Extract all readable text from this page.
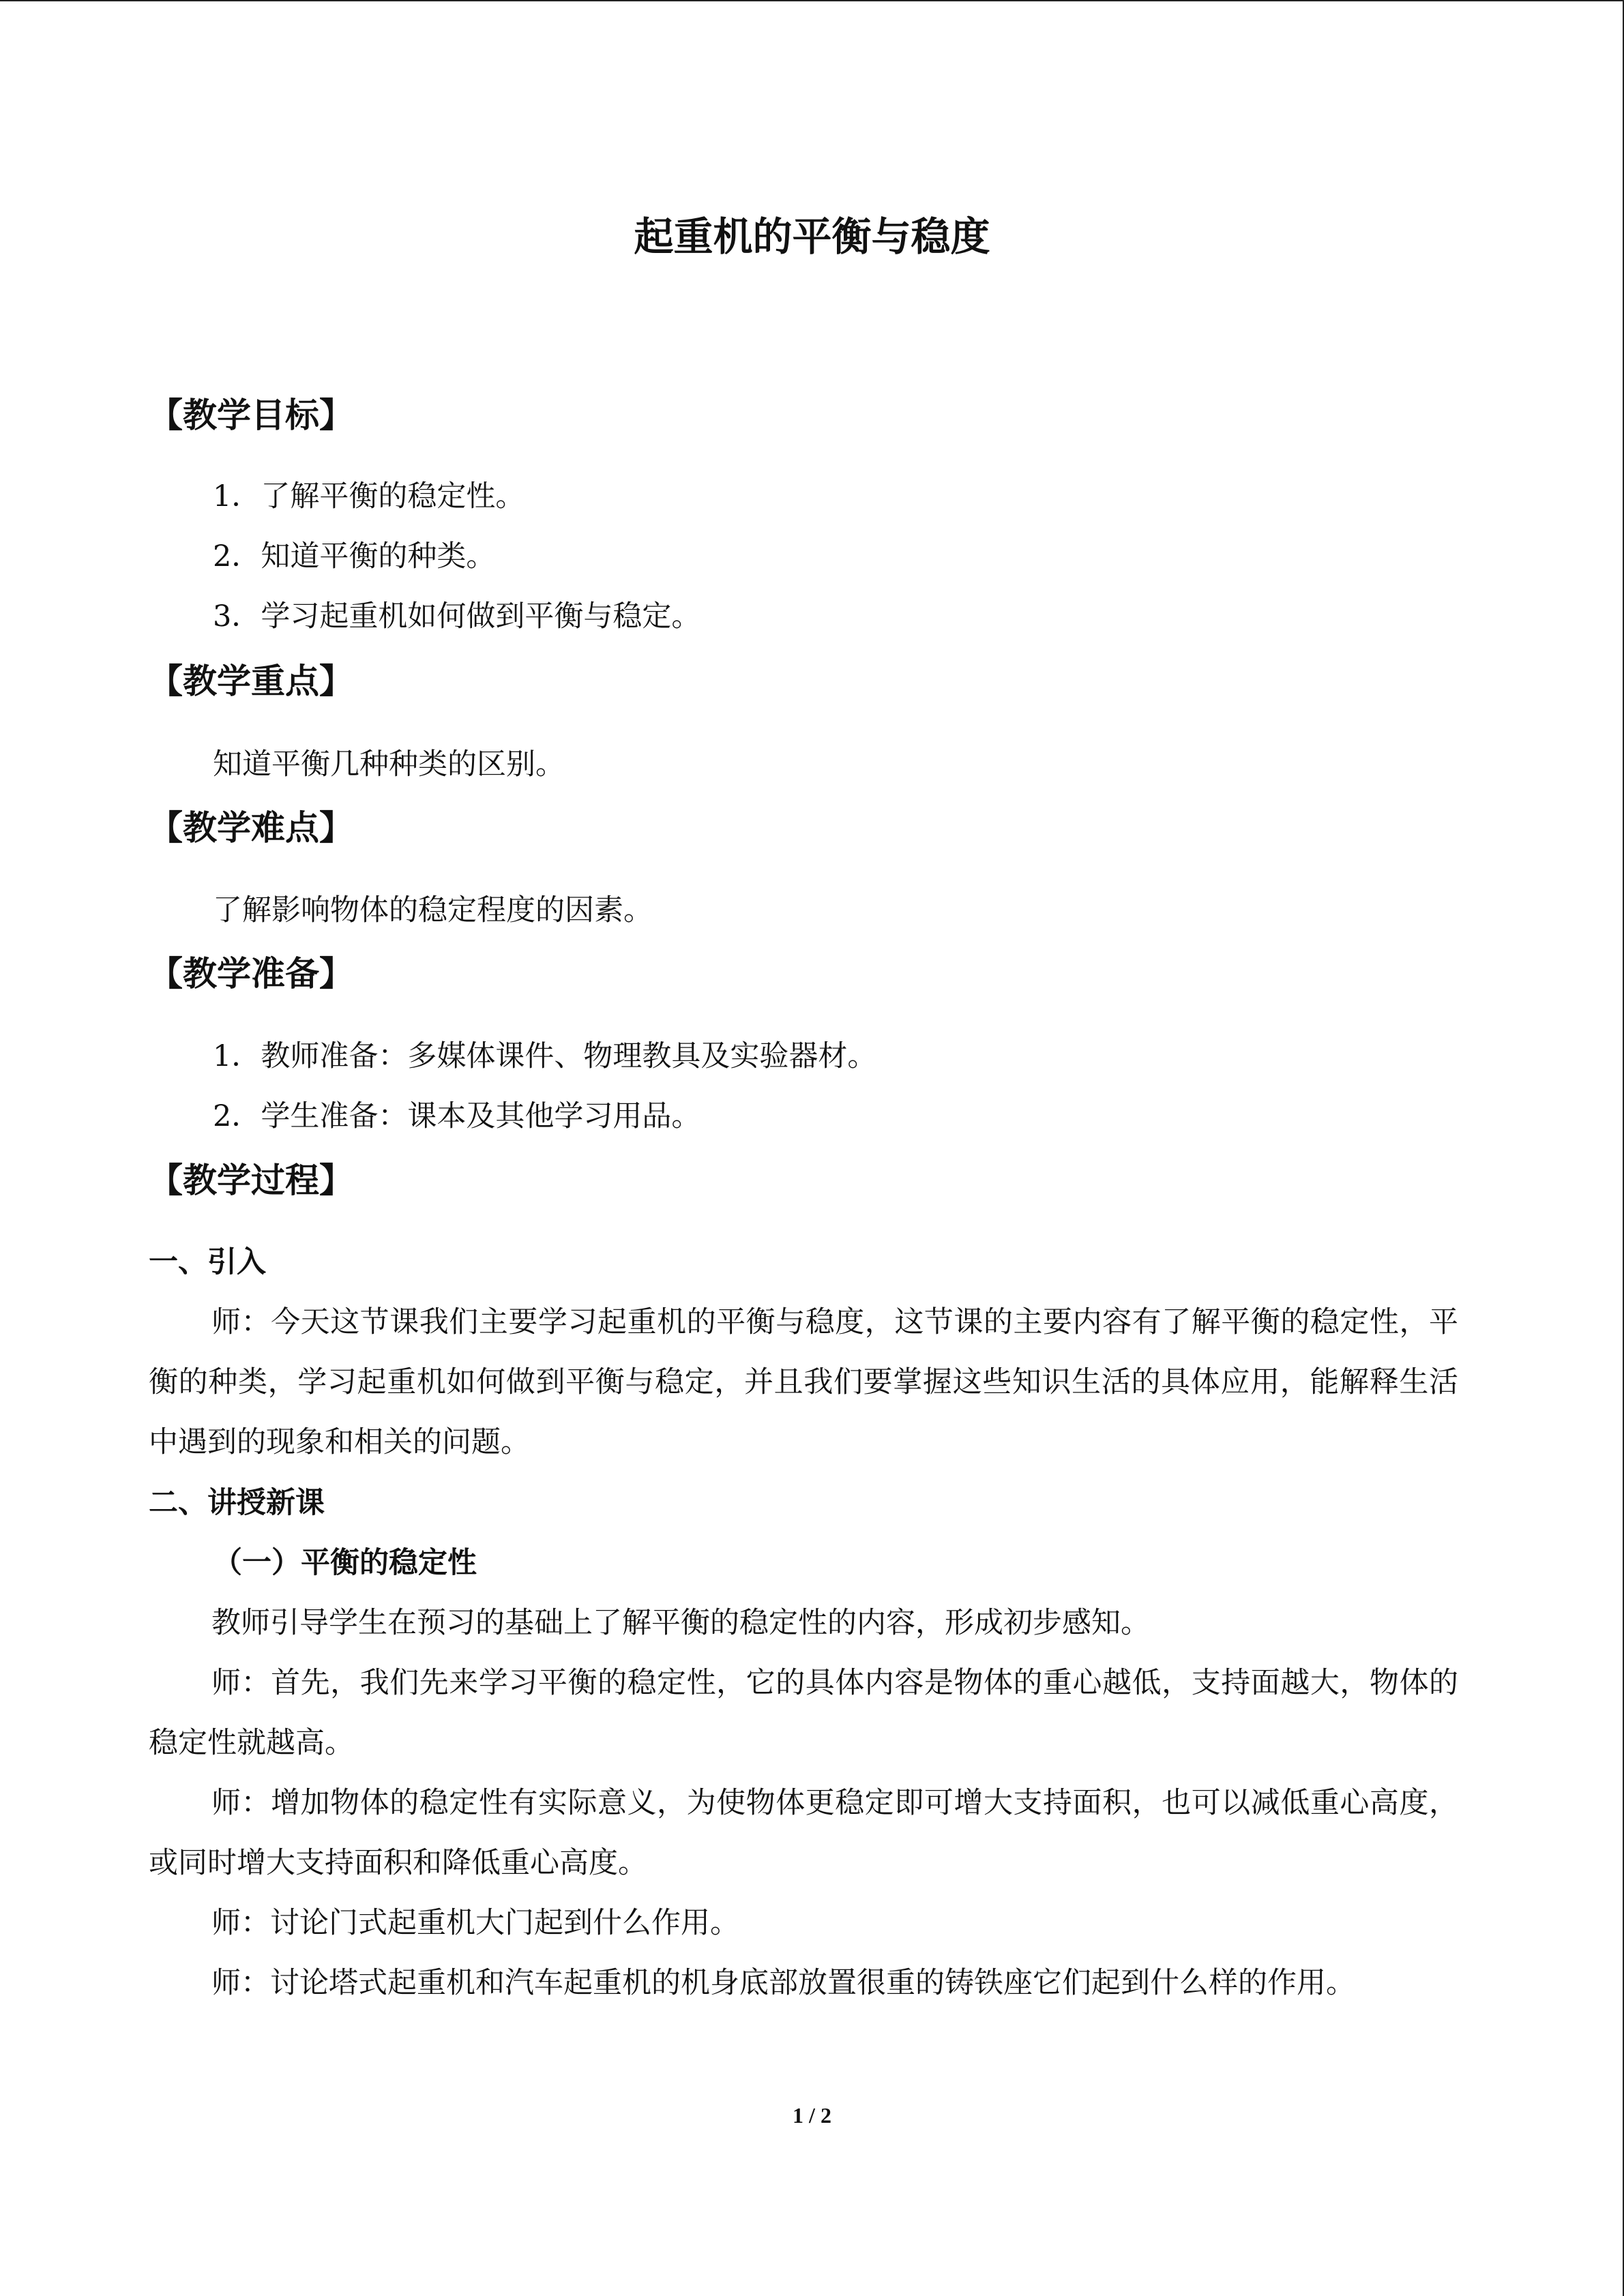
起重机的平衡与稳度
【教学目标】
1．了解平衡的稳定性。
2．知道平衡的种类。
3．学习起重机如何做到平衡与稳定。
【教学重点】
知道平衡几种种类的区别。
【教学难点】
了解影响物体的稳定程度的因素。
【教学准备】
1．教师准备：多媒体课件、物理教具及实验器材。
2．学生准备：课本及其他学习用品。
【教学过程】
一、引入
师：今天这节课我们主要学习起重机的平衡与稳度，这节课的主要内容有了解平衡的稳定性，平衡的种类，学习起重机如何做到平衡与稳定，并且我们要掌握这些知识生活的具体应用，能解释生活中遇到的现象和相关的问题。
二、讲授新课
（一）平衡的稳定性
教师引导学生在预习的基础上了解平衡的稳定性的内容，形成初步感知。
师：首先，我们先来学习平衡的稳定性，它的具体内容是物体的重心越低，支持面越大，物体的稳定性就越高。
师：增加物体的稳定性有实际意义，为使物体更稳定即可增大支持面积，也可以减低重心高度，或同时增大支持面积和降低重心高度。
师：讨论门式起重机大门起到什么作用。
师：讨论塔式起重机和汽车起重机的机身底部放置很重的铸铁座它们起到什么样的作用。
1 / 2
